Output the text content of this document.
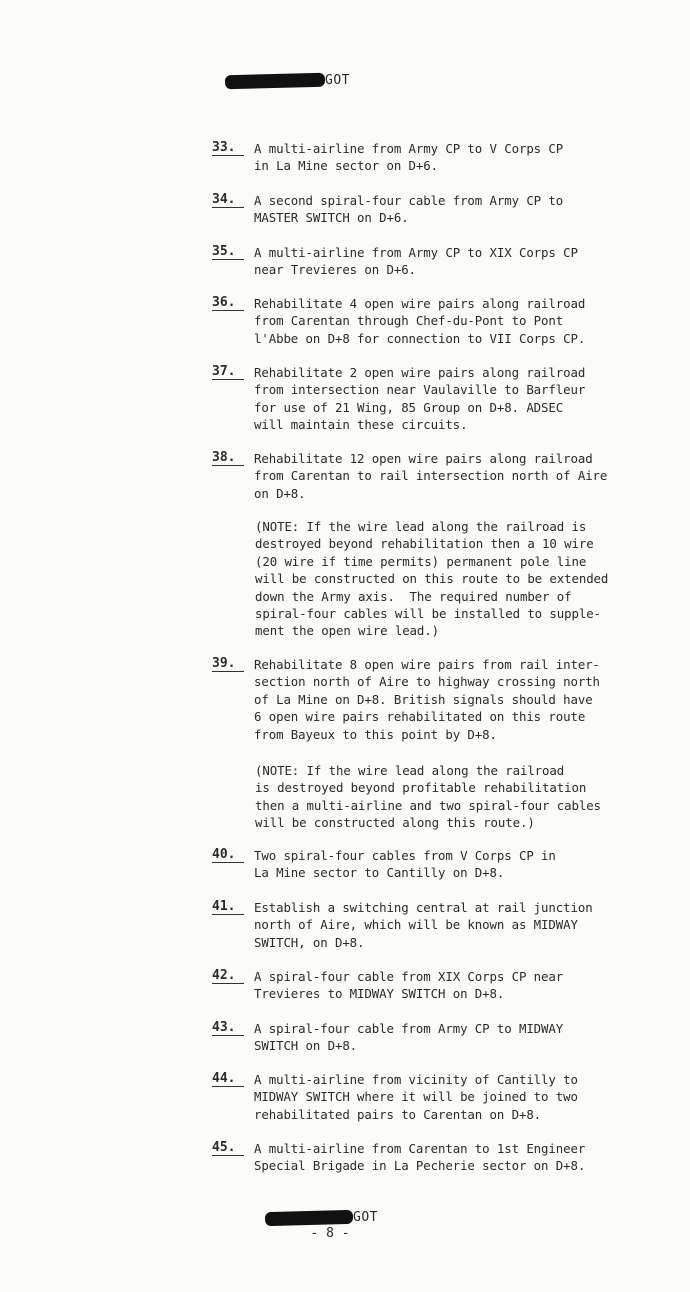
GOT
33.	A multi-airline from Army CP to V Corps CP
in La Mine sector on D+6.
34.	A second spiral-four cable from Army CP to
MASTER SWITCH on D+6.
35.	A multi-airline from Army CP to XIX Corps CP
near Trevieres on D+6.
36.	Rehabilitate 4 open wire pairs along railroad
from Carentan through Chef-du-Pont to Pont
l'Abbe on D+8 for connection to VII Corps CP.
37.	Rehabilitate 2 open wire pairs along railroad
from intersection near Vaulaville to Barfleur
for use of 21 Wing, 85 Group on D+8. ADSEC
will maintain these circuits.
38.	Rehabilitate 12 open wire pairs along railroad
from Carentan to rail intersection north of Aire
on D+8.
(NOTE: If the wire lead along the railroad is
destroyed beyond rehabilitation then a 10 wire
(20 wire if time permits) permanent pole line
will be constructed on this route to be extended
down the Army axis.  The required number of
spiral-four cables will be installed to supple-
ment the open wire lead.)
39.	Rehabilitate 8 open wire pairs from rail inter-
section north of Aire to highway crossing north
of La Mine on D+8. British signals should have
6 open wire pairs rehabilitated on this route
from Bayeux to this point by D+8.
(NOTE: If the wire lead along the railroad
is destroyed beyond profitable rehabilitation
then a multi-airline and two spiral-four cables
will be constructed along this route.)
40.	Two spiral-four cables from V Corps CP in
La Mine sector to Cantilly on D+8.
41.	Establish a switching central at rail junction
north of Aire, which will be known as MIDWAY
SWITCH, on D+8.
42.	A spiral-four cable from XIX Corps CP near
Trevieres to MIDWAY SWITCH on D+8.
43.	A spiral-four cable from Army CP to MIDWAY
SWITCH on D+8.
44.	A multi-airline from vicinity of Cantilly to
MIDWAY SWITCH where it will be joined to two
rehabilitated pairs to Carentan on D+8.
45.	A multi-airline from Carentan to 1st Engineer
Special Brigade in La Pecherie sector on D+8.
GOT
- 8 -
